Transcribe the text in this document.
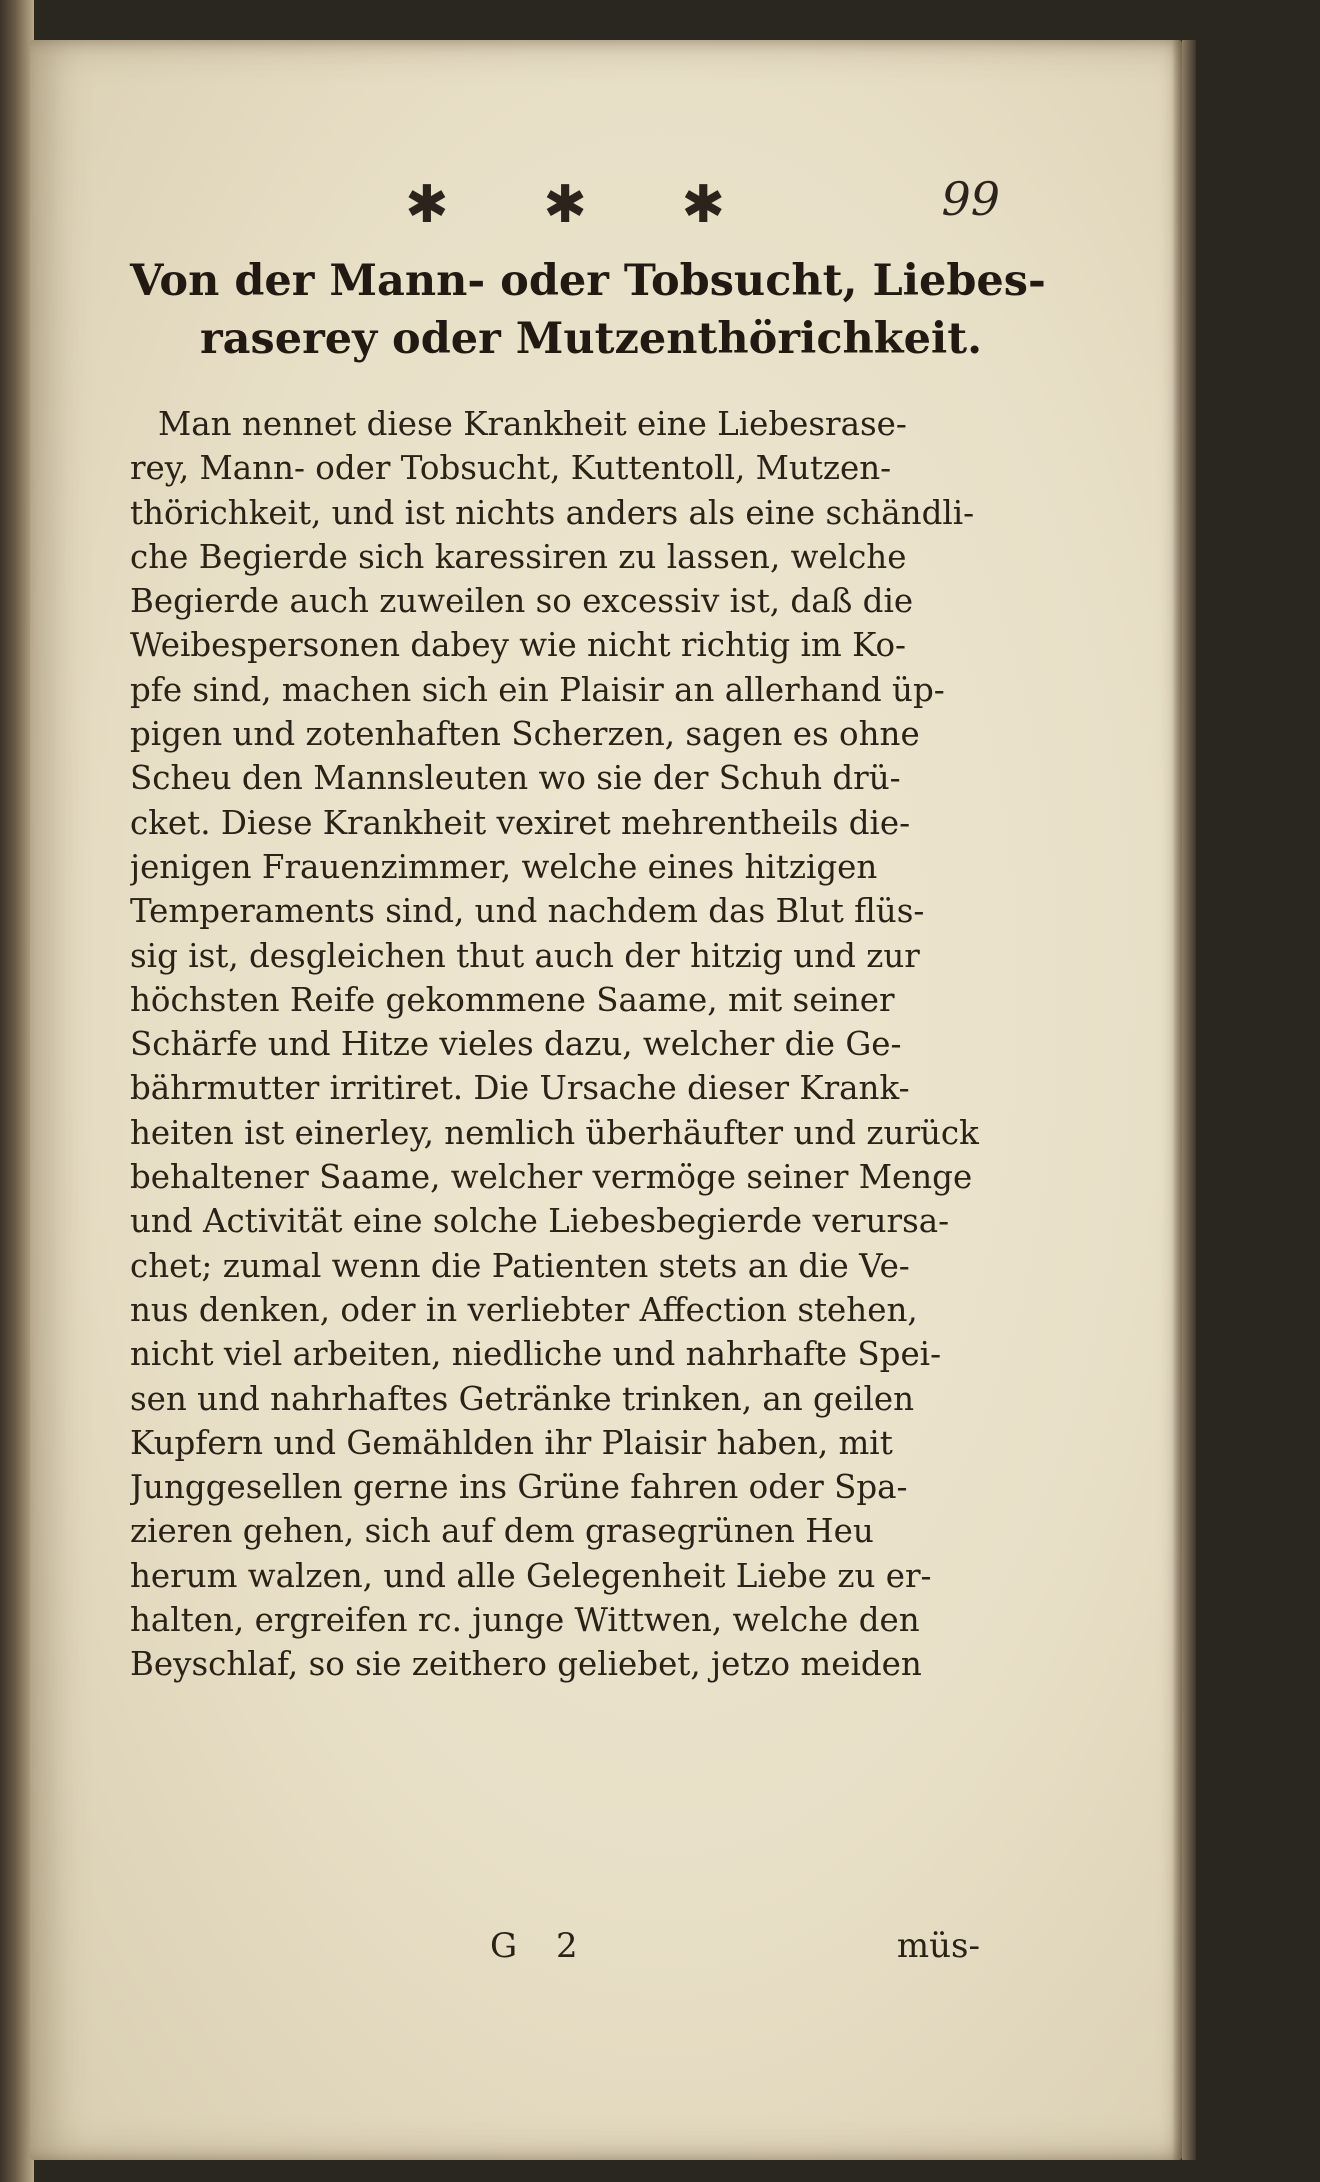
✱ ✱ ✱	99
Von der Mann- oder Tobsucht, Liebes-
raserey oder Mutzenthörichkeit.
Man nennet diese Krankheit eine Liebesrase-
rey, Mann- oder Tobsucht, Kuttentoll, Mutzen-
thörichkeit, und ist nichts anders als eine schändli-
che Begierde sich karessiren zu lassen, welche
Begierde auch zuweilen so excessiv ist, daß die
Weibespersonen dabey wie nicht richtig im Ko-
pfe sind, machen sich ein Plaisir an allerhand üp-
pigen und zotenhaften Scherzen, sagen es ohne
Scheu den Mannsleuten wo sie der Schuh drü-
cket. Diese Krankheit vexiret mehrentheils die-
jenigen Frauenzimmer, welche eines hitzigen
Temperaments sind, und nachdem das Blut flüs-
sig ist, desgleichen thut auch der hitzig und zur
höchsten Reife gekommene Saame, mit seiner
Schärfe und Hitze vieles dazu, welcher die Ge-
bährmutter irritiret. Die Ursache dieser Krank-
heiten ist einerley, nemlich überhäufter und zurück
behaltener Saame, welcher vermöge seiner Menge
und Activität eine solche Liebesbegierde verursa-
chet; zumal wenn die Patienten stets an die Ve-
nus denken, oder in verliebter Affection stehen,
nicht viel arbeiten, niedliche und nahrhafte Spei-
sen und nahrhaftes Getränke trinken, an geilen
Kupfern und Gemählden ihr Plaisir haben, mit
Junggesellen gerne ins Grüne fahren oder Spa-
zieren gehen, sich auf dem grasegrünen Heu
herum walzen, und alle Gelegenheit Liebe zu er-
halten, ergreifen rc. junge Wittwen, welche den
Beyschlaf, so sie zeithero geliebet, jetzo meiden
G 2	müs-
